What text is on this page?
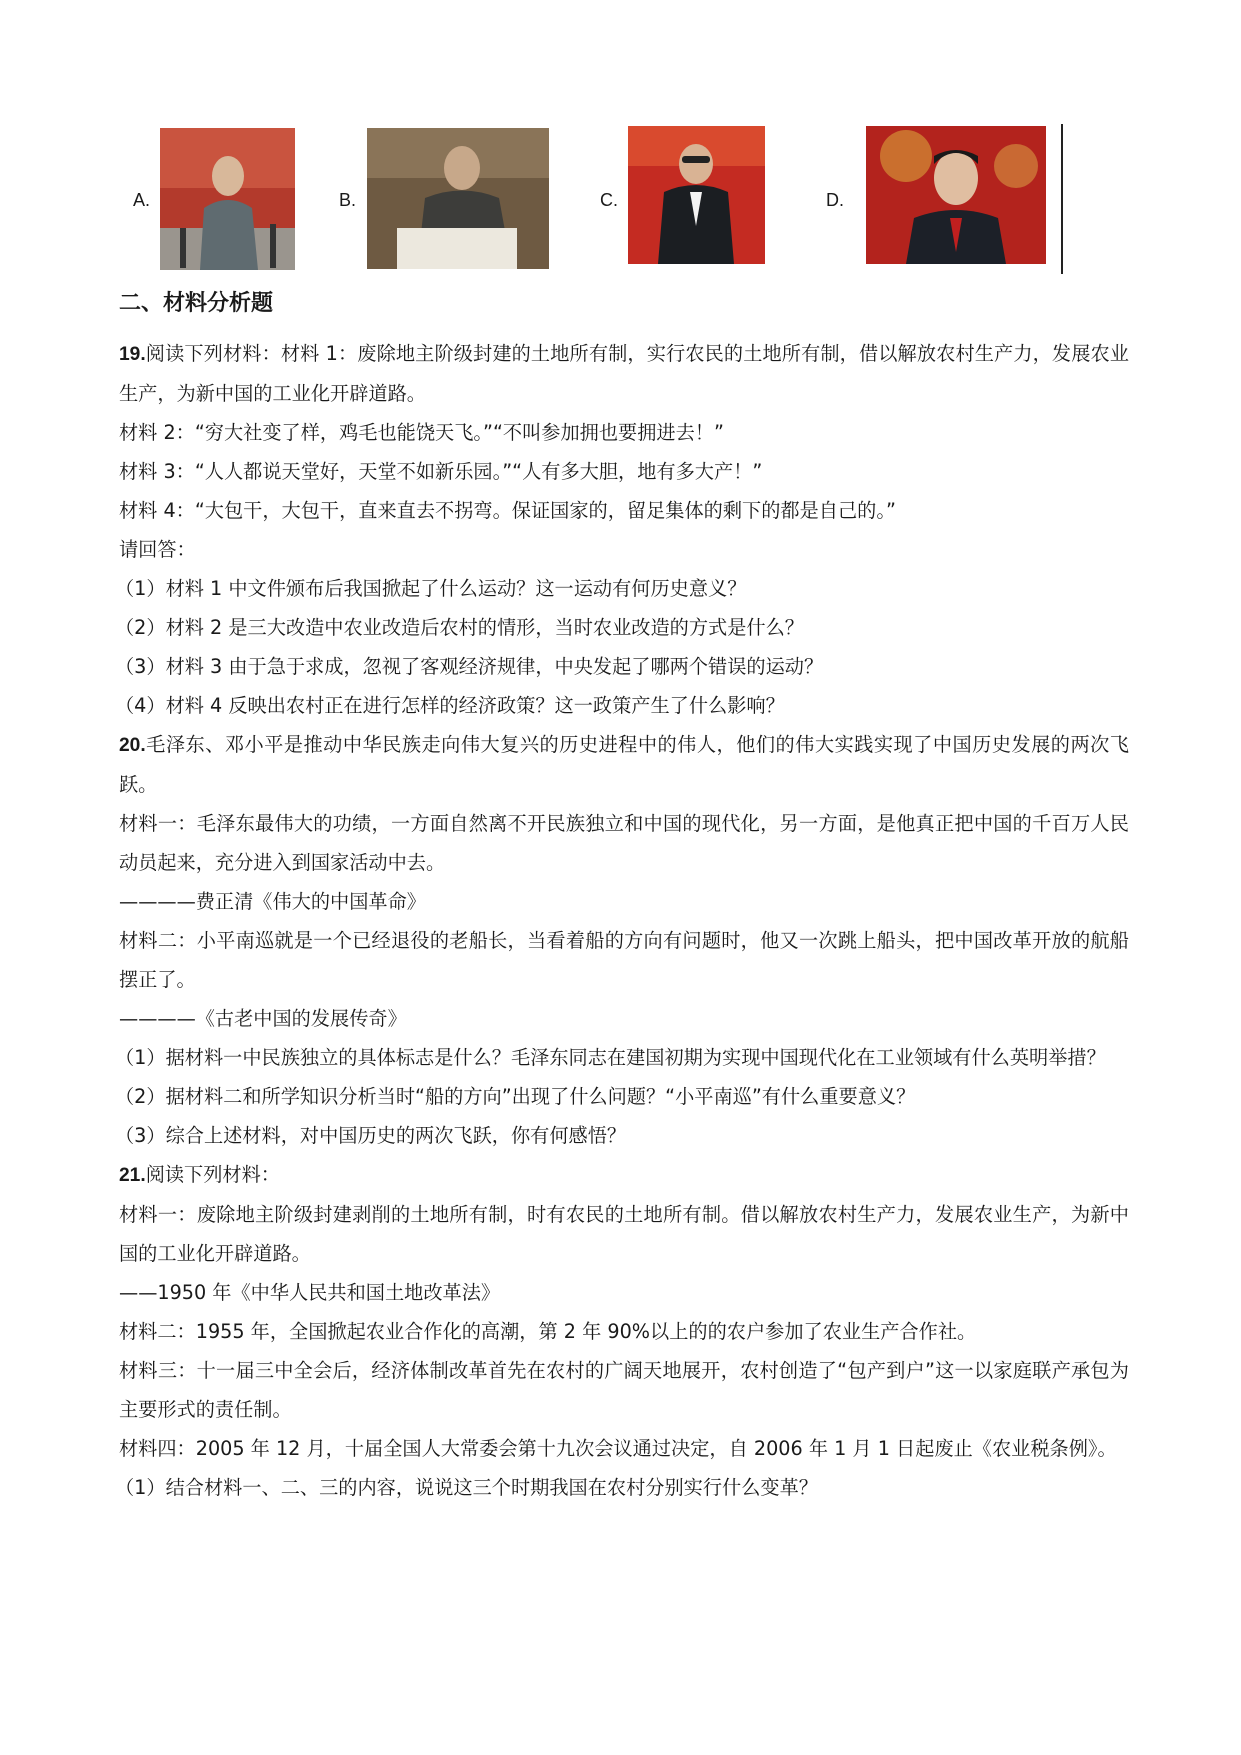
A.	B.	C.	D.
二、材料分析题

19.阅读下列材料：材料 1：废除地主阶级封建的土地所有制，实行农民的土地所有制，借以解放农村生产力，发展农业生产，为新中国的工业化开辟道路。

材料 2：“穷大社变了样，鸡毛也能饶天飞。”“不叫参加拥也要拥进去！”

材料 3：“人人都说天堂好，天堂不如新乐园。”“人有多大胆，地有多大产！”

材料 4：“大包干，大包干，直来直去不拐弯。保证国家的，留足集体的剩下的都是自己的。”

请回答：

（1）材料 1 中文件颁布后我国掀起了什么运动？这一运动有何历史意义？

（2）材料 2 是三大改造中农业改造后农村的情形，当时农业改造的方式是什么？

（3）材料 3 由于急于求成，忽视了客观经济规律，中央发起了哪两个错误的运动？

（4）材料 4 反映出农村正在进行怎样的经济政策？这一政策产生了什么影响？

20.毛泽东、邓小平是推动中华民族走向伟大复兴的历史进程中的伟人，他们的伟大实践实现了中国历史发展的两次飞跃。

材料一：毛泽东最伟大的功绩，一方面自然离不开民族独立和中国的现代化，另一方面，是他真正把中国的千百万人民动员起来，充分进入到国家活动中去。

————费正清《伟大的中国革命》

材料二：小平南巡就是一个已经退役的老船长，当看着船的方向有问题时，他又一次跳上船头，把中国改革开放的航船摆正了。

————《古老中国的发展传奇》

（1）据材料一中民族独立的具体标志是什么？毛泽东同志在建国初期为实现中国现代化在工业领域有什么英明举措？

（2）据材料二和所学知识分析当时“船的方向”出现了什么问题？“小平南巡”有什么重要意义？

（3）综合上述材料，对中国历史的两次飞跃，你有何感悟？

21.阅读下列材料：

材料一：废除地主阶级封建剥削的土地所有制，时有农民的土地所有制。借以解放农村生产力，发展农业生产，为新中国的工业化开辟道路。

——1950 年《中华人民共和国土地改革法》

材料二：1955 年，全国掀起农业合作化的高潮，第 2 年 90%以上的的农户参加了农业生产合作社。

材料三：十一届三中全会后，经济体制改革首先在农村的广阔天地展开，农村创造了“包产到户”这一以家庭联产承包为主要形式的责任制。

材料四：2005 年 12 月，十届全国人大常委会第十九次会议通过决定，自 2006 年 1 月 1 日起废止《农业税条例》。

（1）结合材料一、二、三的内容，说说这三个时期我国在农村分别实行什么变革？
